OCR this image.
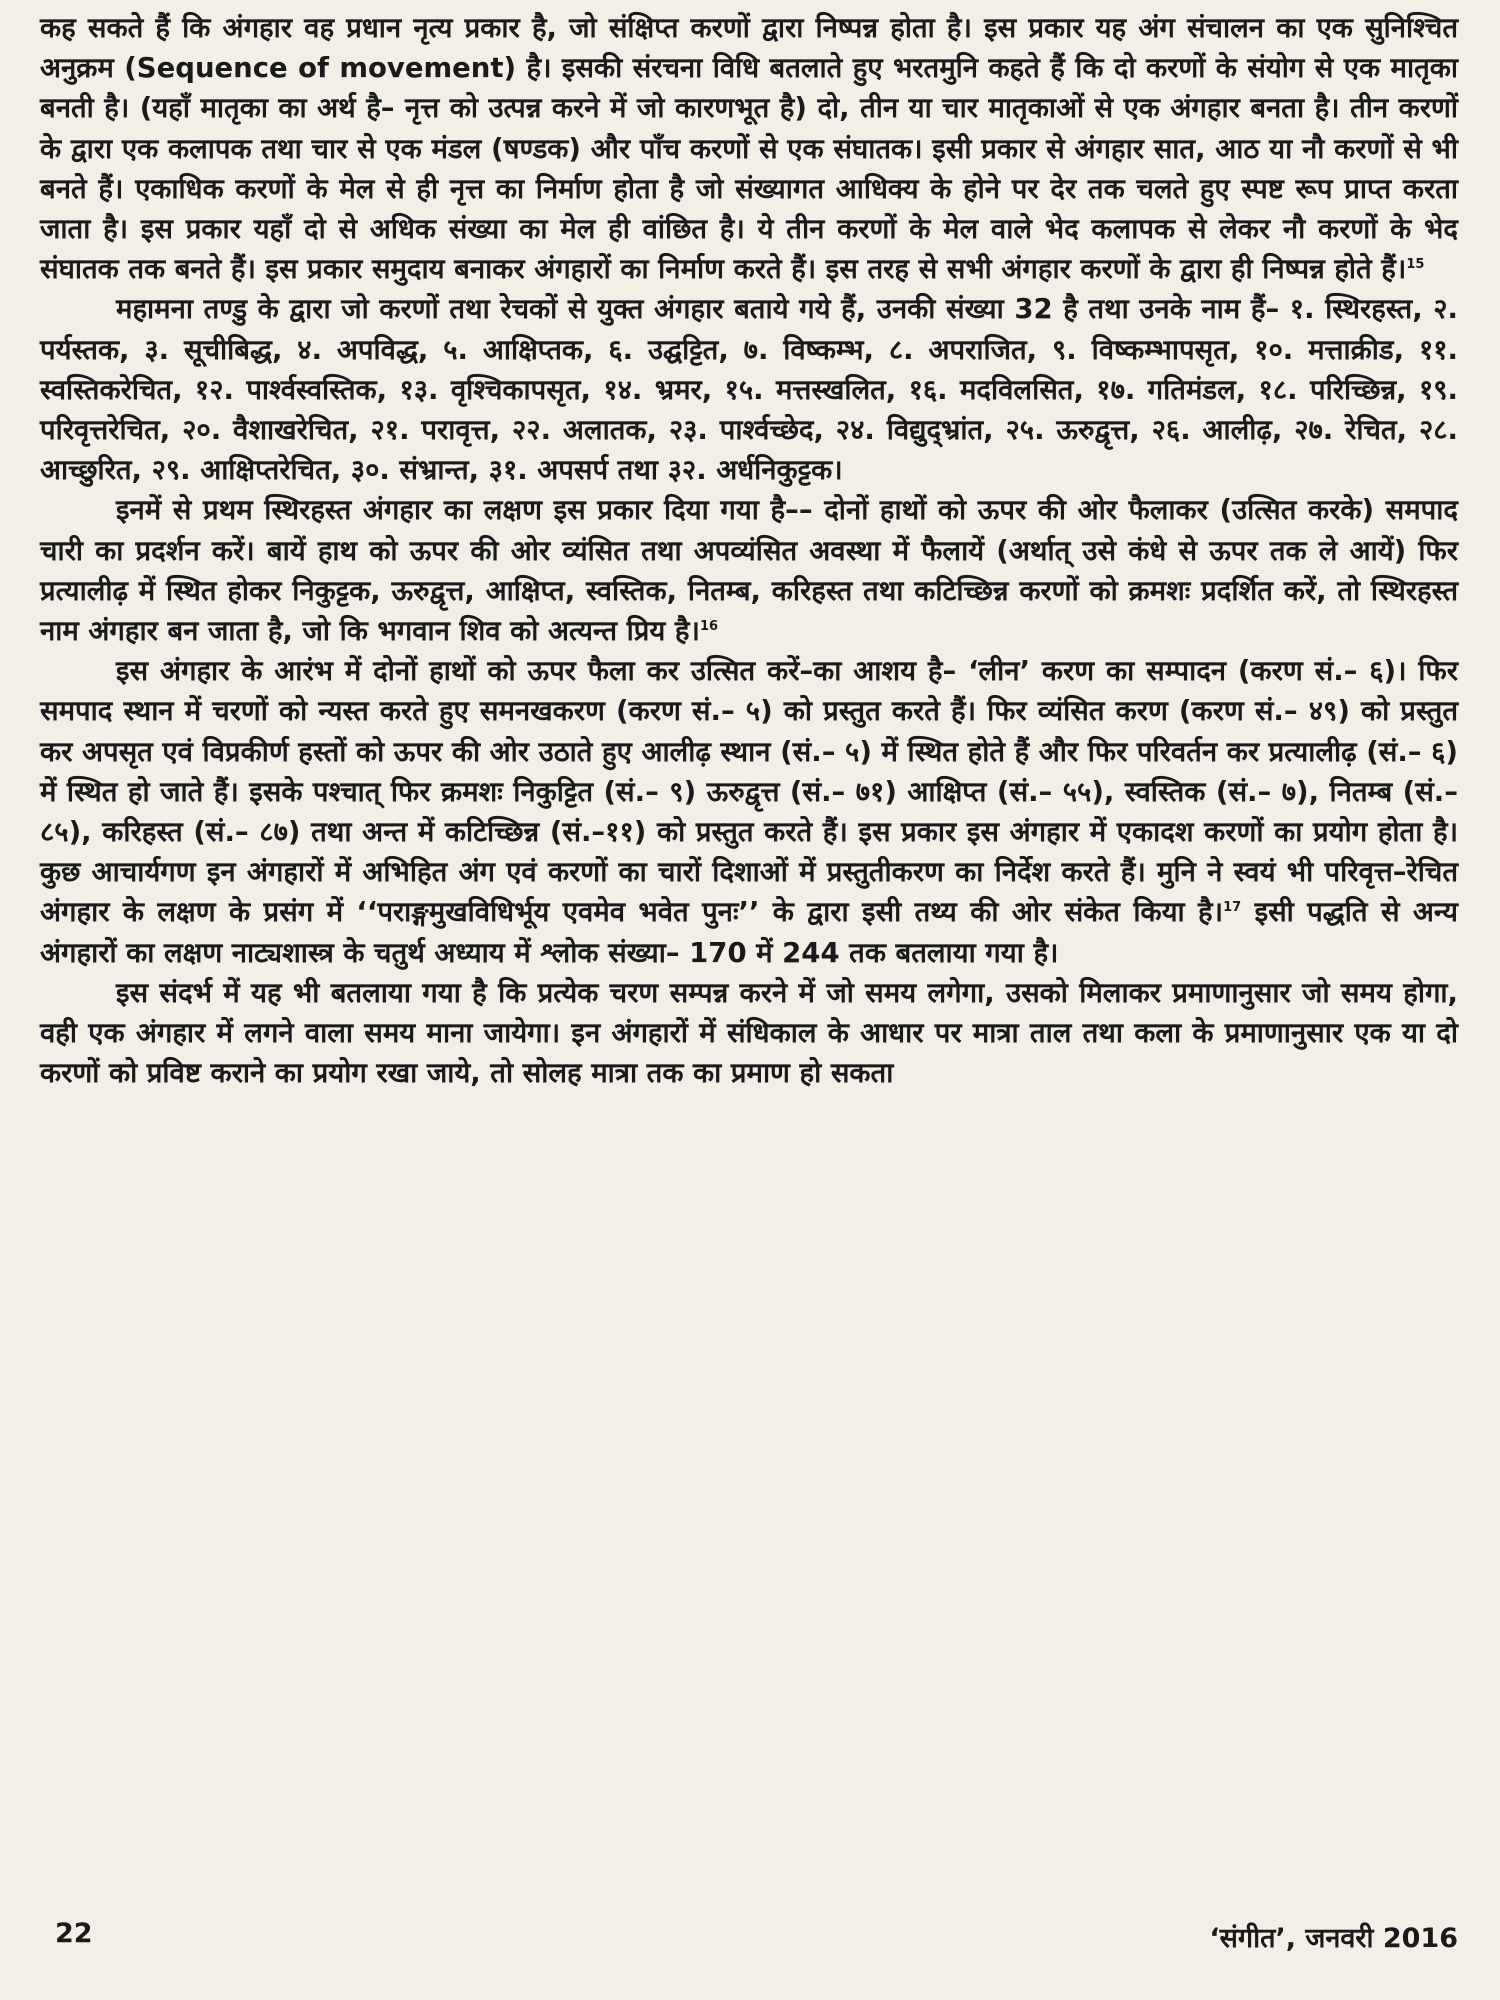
कह सकते हैं कि अंगहार वह प्रधान नृत्य प्रकार है, जो संक्षिप्त करणों द्वारा निष्पन्न होता है। इस प्रकार यह अंग संचालन का एक सुनिश्चित अनुक्रम (Sequence of movement) है। इसकी संरचना विधि बतलाते हुए भरतमुनि कहते हैं कि दो करणों के संयोग से एक मातृका बनती है। (यहाँ मातृका का अर्थ है– नृत्त को उत्पन्न करने में जो कारणभूत है) दो, तीन या चार मातृकाओं से एक अंगहार बनता है। तीन करणों के द्वारा एक कलापक तथा चार से एक मंडल (षण्डक) और पाँच करणों से एक संघातक। इसी प्रकार से अंगहार सात, आठ या नौ करणों से भी बनते हैं। एकाधिक करणों के मेल से ही नृत्त का निर्माण होता है जो संख्यागत आधिक्य के होने पर देर तक चलते हुए स्पष्ट रूप प्राप्त करता जाता है। इस प्रकार यहाँ दो से अधिक संख्या का मेल ही वांछित है। ये तीन करणों के मेल वाले भेद कलापक से लेकर नौ करणों के भेद संघातक तक बनते हैं। इस प्रकार समुदाय बनाकर अंगहारों का निर्माण करते हैं। इस तरह से सभी अंगहार करणों के द्वारा ही निष्पन्न होते हैं।$^{15}$

महामना तण्डु के द्वारा जो करणों तथा रेचकों से युक्त अंगहार बताये गये हैं, उनकी संख्या 32 है तथा उनके नाम हैं– १. स्थिरहस्त, २. पर्यस्तक, ३. सूचीबिद्ध, ४. अपविद्ध, ५. आक्षिप्तक, ६. उद्घट्टित, ७. विष्कम्भ, ८. अपराजित, ९. विष्कम्भापसृत, १०. मत्ताक्रीड, ११. स्वस्तिकरेचित, १२. पार्श्वस्वस्तिक, १३. वृश्चिकापसृत, १४. भ्रमर, १५. मत्तस्खलित, १६. मदविलसित, १७. गतिमंडल, १८. परिच्छिन्न, १९. परिवृत्तरेचित, २०. वैशाखरेचित, २१. परावृत्त, २२. अलातक, २३. पार्श्वच्छेद, २४. विद्युद्भ्रांत, २५. ऊरुद्वृत्त, २६. आलीढ़, २७. रेचित, २८. आच्छुरित, २९. आक्षिप्तरेचित, ३०. संभ्रान्त, ३१. अपसर्प तथा ३२. अर्धनिकुट्टक।

इनमें से प्रथम स्थिरहस्त अंगहार का लक्षण इस प्रकार दिया गया है–– दोनों हाथों को ऊपर की ओर फैलाकर (उत्सित करके) समपाद चारी का प्रदर्शन करें। बायें हाथ को ऊपर की ओर व्यंसित तथा अपव्यंसित अवस्था में फैलायें (अर्थात् उसे कंधे से ऊपर तक ले आयें) फिर प्रत्यालीढ़ में स्थित होकर निकुट्टक, ऊरुद्वृत्त, आक्षिप्त, स्वस्तिक, नितम्ब, करिहस्त तथा कटिच्छिन्न करणों को क्रमशः प्रदर्शित करें, तो स्थिरहस्त नाम अंगहार बन जाता है, जो कि भगवान शिव को अत्यन्त प्रिय है।$^{16}$

इस अंगहार के आरंभ में दोनों हाथों को ऊपर फैला कर उत्सित करें–का आशय है– ‘लीन’ करण का सम्पादन (करण सं.– ६)। फिर समपाद स्थान में चरणों को न्यस्त करते हुए समनखकरण (करण सं.– ५) को प्रस्तुत करते हैं। फिर व्यंसित करण (करण सं.– ४९) को प्रस्तुत कर अपसृत एवं विप्रकीर्ण हस्तों को ऊपर की ओर उठाते हुए आलीढ़ स्थान (सं.– ५) में स्थित होते हैं और फिर परिवर्तन कर प्रत्यालीढ़ (सं.– ६) में स्थित हो जाते हैं। इसके पश्चात् फिर क्रमशः निकुट्टित (सं.– ९) ऊरुद्वृत्त (सं.– ७१) आक्षिप्त (सं.– ५५), स्वस्तिक (सं.– ७), नितम्ब (सं.– ८५), करिहस्त (सं.– ८७) तथा अन्त में कटिच्छिन्न (सं.–११) को प्रस्तुत करते हैं। इस प्रकार इस अंगहार में एकादश करणों का प्रयोग होता है। कुछ आचार्यगण इन अंगहारों में अभिहित अंग एवं करणों का चारों दिशाओं में प्रस्तुतीकरण का निर्देश करते हैं। मुनि ने स्वयं भी परिवृत्त–रेचित अंगहार के लक्षण के प्रसंग में ‘‘पराङ्गमुखविधिर्भूय एवमेव भवेत पुनः’’ के द्वारा इसी तथ्य की ओर संकेत किया है।$^{17}$ इसी पद्धति से अन्य अंगहारों का लक्षण नाट्यशास्त्र के चतुर्थ अध्याय में श्लोक संख्या– 170 में 244 तक बतलाया गया है।

इस संदर्भ में यह भी बतलाया गया है कि प्रत्येक चरण सम्पन्न करने में जो समय लगेगा, उसको मिलाकर प्रमाणानुसार जो समय होगा, वही एक अंगहार में लगने वाला समय माना जायेगा। इन अंगहारों में संधिकाल के आधार पर मात्रा ताल तथा कला के प्रमाणानुसार एक या दो करणों को प्रविष्ट कराने का प्रयोग रखा जाये, तो सोलह मात्रा तक का प्रमाण हो सकता

22	‘संगीत’, जनवरी 2016
